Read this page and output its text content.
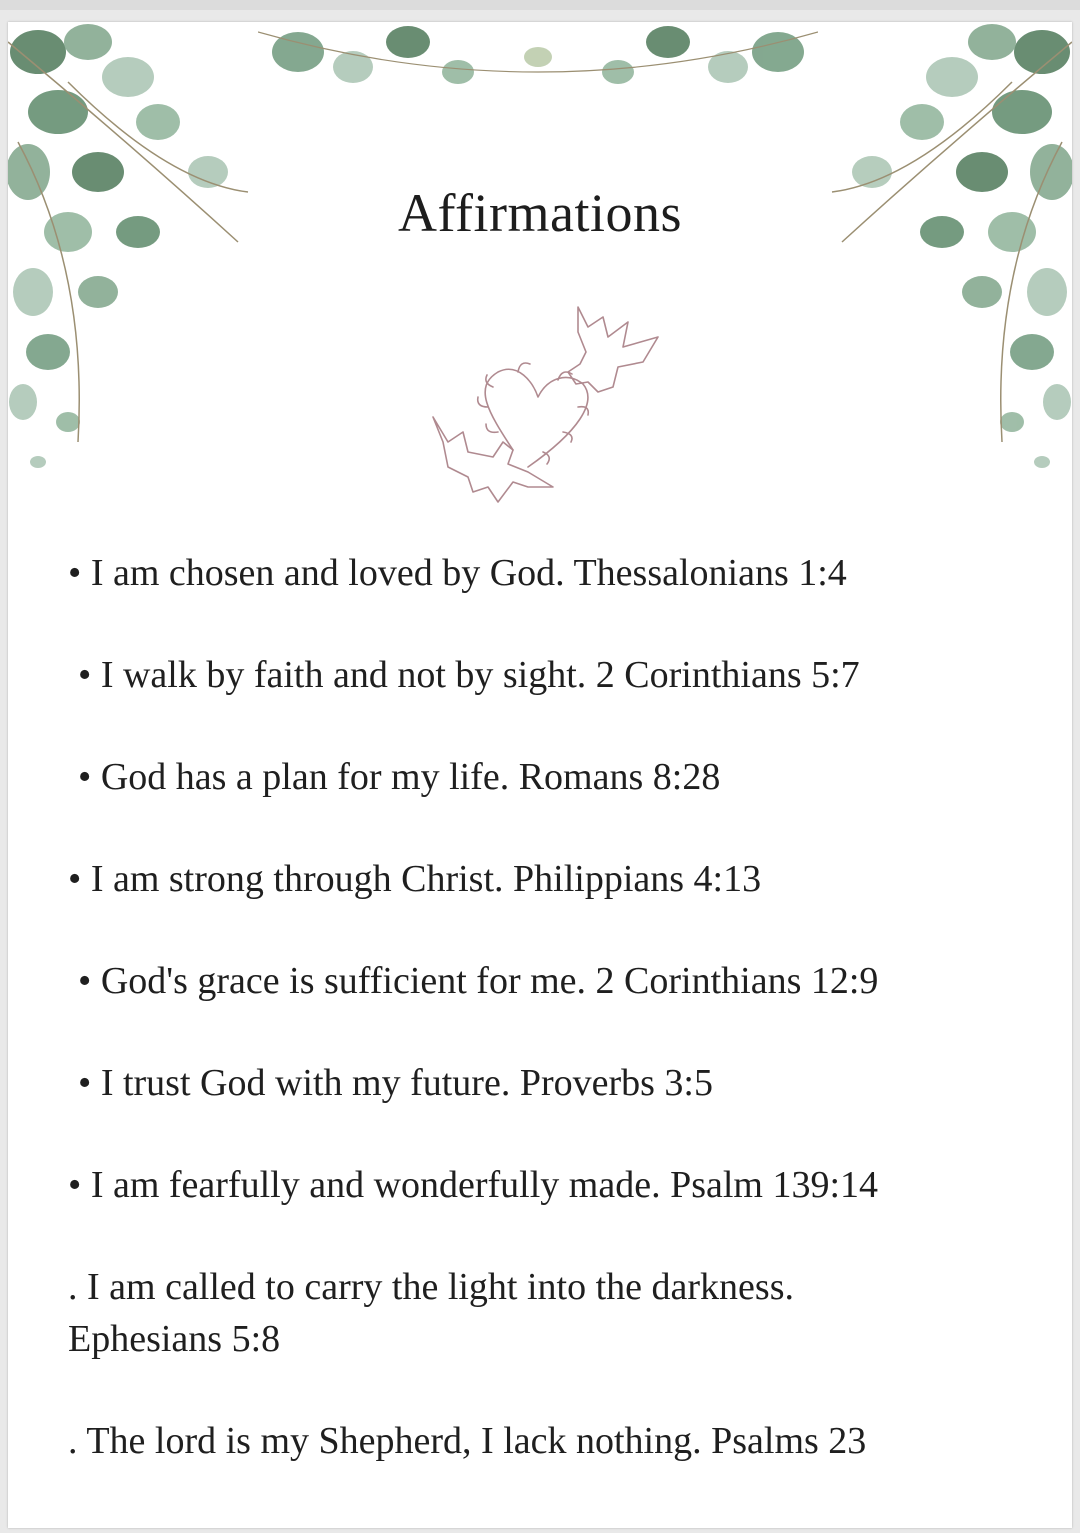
Affirmations
• I am chosen and loved by God. Thessalonians 1:4
• I walk by faith and not by sight. 2 Corinthians 5:7
• God has a plan for my life. Romans 8:28
• I am strong through Christ. Philippians 4:13
• God's grace is sufficient for me. 2 Corinthians 12:9
• I trust God with my future. Proverbs 3:5
• I am fearfully and wonderfully made. Psalm 139:14
. I am called to carry the light into the darkness. Ephesians 5:8
. The lord is my Shepherd, I lack nothing. Psalms 23
